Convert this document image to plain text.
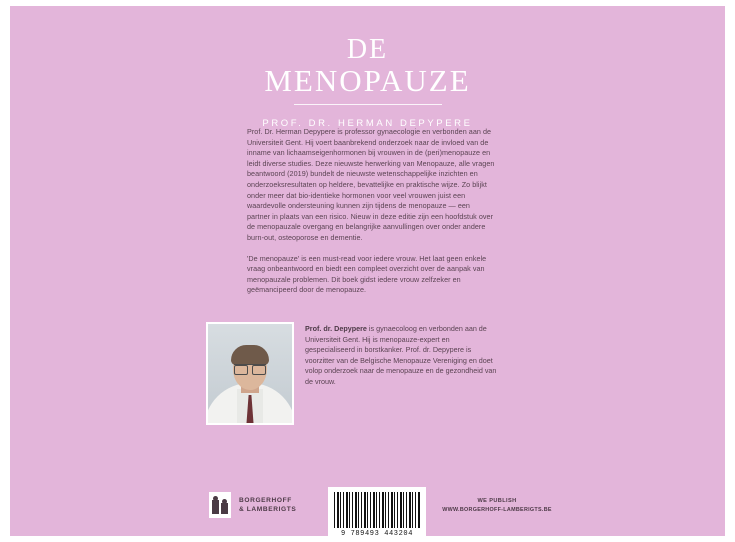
DE
MENOPAUZE
PROF. DR. HERMAN DEPYPERE

Prof. Dr. Herman Depypere is professor gynaecologie en verbonden aan de Universiteit Gent. Hij voert baanbrekend onderzoek naar de invloed van de inname van lichaamseigenhormonen bij vrouwen in de (peri)menopauze en leidt diverse studies. Deze nieuwste herwerking van Menopauze, alle vragen beantwoord (2019) bundelt de nieuwste wetenschappelijke inzichten en onderzoeksresultaten op heldere, bevattelijke en praktische wijze. Zo blijkt onder meer dat bio-identieke hormonen voor veel vrouwen juist een waardevolle ondersteuning kunnen zijn tijdens de menopauze — een partner in plaats van een risico. Nieuw in deze editie zijn een hoofdstuk over de menopauzale overgang en belangrijke aanvullingen over onder andere burn-out, osteoporose en dementie.

'De menopauze' is een must-read voor iedere vrouw. Het laat geen enkele vraag onbeantwoord en biedt een compleet overzicht over de aanpak van menopauzale problemen. Dit boek gidst iedere vrouw zelfzeker en geëmancipeerd door de menopauze.

Prof. dr. Depypere is gynaecoloog en verbonden aan de Universiteit Gent. Hij is menopauze-expert en gespecialiseerd in borstkanker. Prof. dr. Depypere is voorzitter van de Belgische Menopauze Vereniging en doet volop onderzoek naar de menopauze en de gezondheid van de vrouw.
BORGERHOFF
& LAMBERIGTS
9 789493 443204
WE PUBLISH
WWW.BORGERHOFF-LAMBERIGTS.BE
